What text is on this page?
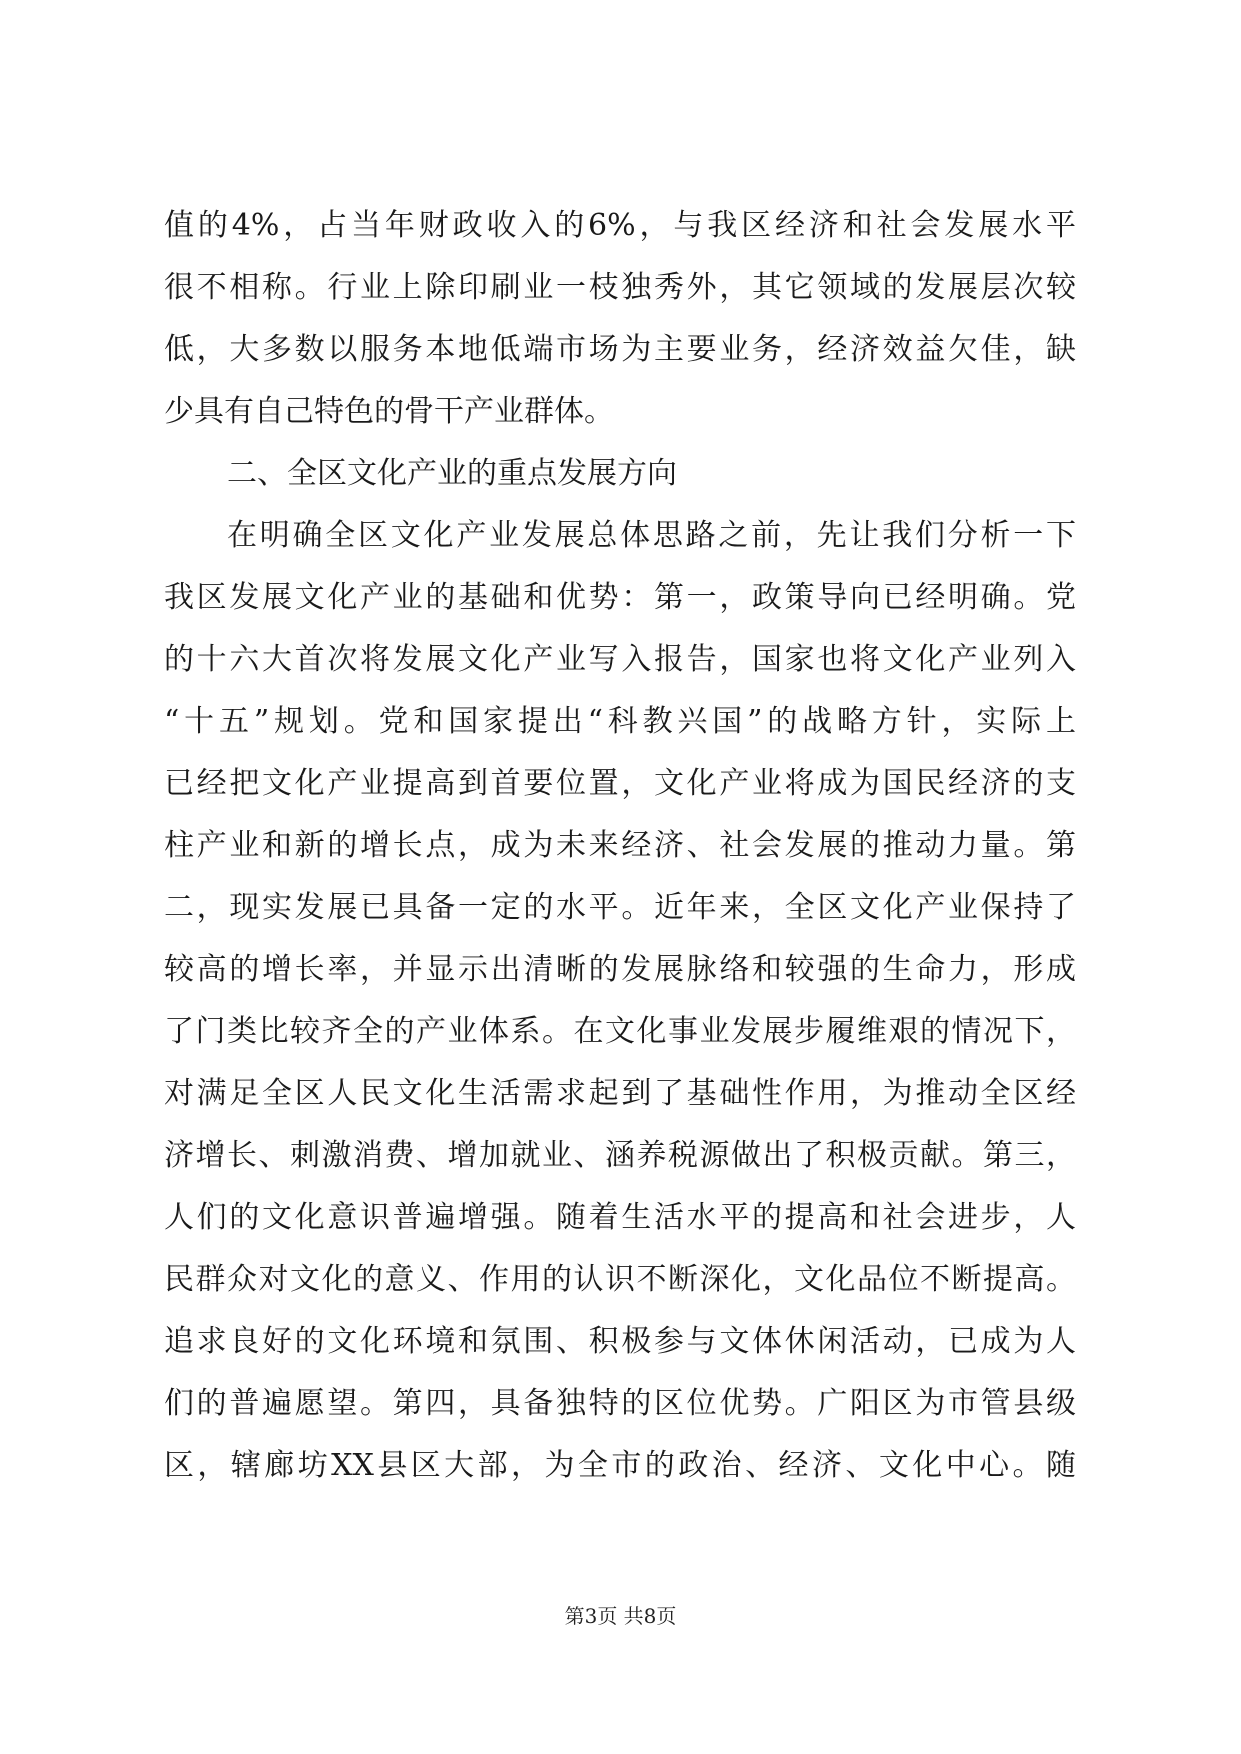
值的4%，占当年财政收入的6%，与我区经济和社会发展水平
很不相称。行业上除印刷业一枝独秀外，其它领域的发展层次较
低，大多数以服务本地低端市场为主要业务，经济效益欠佳，缺
少具有自己特色的骨干产业群体。
二、全区文化产业的重点发展方向
在明确全区文化产业发展总体思路之前，先让我们分析一下
我区发展文化产业的基础和优势：第一，政策导向已经明确。党
的十六大首次将发展文化产业写入报告，国家也将文化产业列入
“十五”规划。党和国家提出“科教兴国”的战略方针，实际上
已经把文化产业提高到首要位置，文化产业将成为国民经济的支
柱产业和新的增长点，成为未来经济、社会发展的推动力量。第
二，现实发展已具备一定的水平。近年来，全区文化产业保持了
较高的增长率，并显示出清晰的发展脉络和较强的生命力，形成
了门类比较齐全的产业体系。在文化事业发展步履维艰的情况下，
对满足全区人民文化生活需求起到了基础性作用，为推动全区经
济增长、刺激消费、增加就业、涵养税源做出了积极贡献。第三，
人们的文化意识普遍增强。随着生活水平的提高和社会进步，人
民群众对文化的意义、作用的认识不断深化，文化品位不断提高。
追求良好的文化环境和氛围、积极参与文体休闲活动，已成为人
们的普遍愿望。第四，具备独特的区位优势。广阳区为市管县级
区，辖廊坊XX县区大部，为全市的政治、经济、文化中心。随
第3页 共8页
